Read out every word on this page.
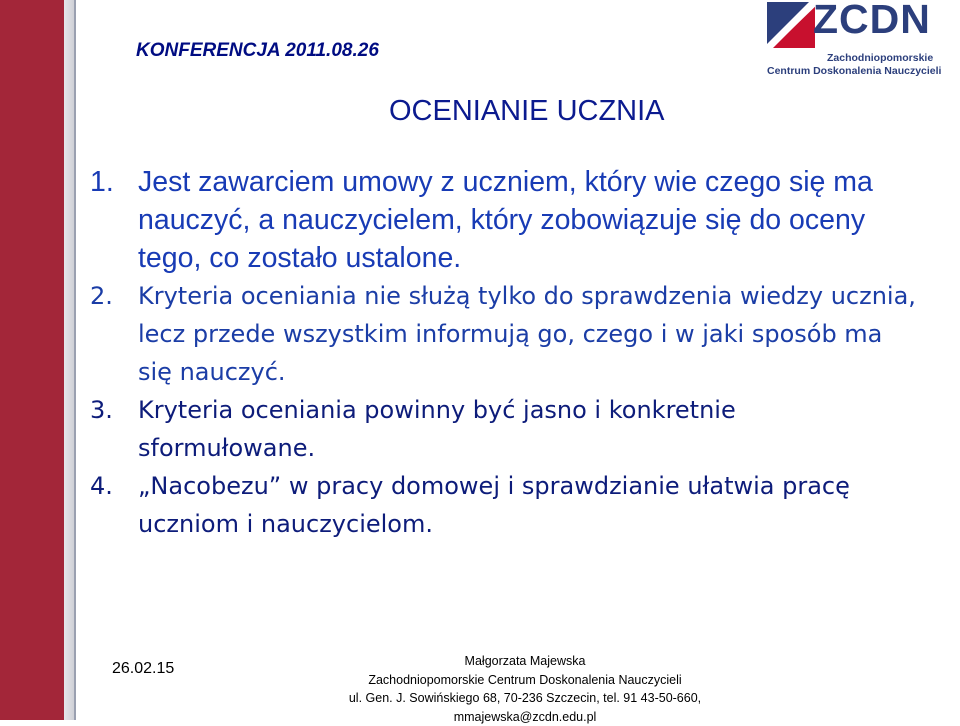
KONFERENCJA 2011.08.26
ZCDN
Zachodniopomorskie
Centrum Doskonalenia Nauczycieli
OCENIANIE UCZNIA
1. Jest zawarciem umowy z uczniem, który wie czego się ma nauczyć, a nauczycielem, który zobowiązuje się do oceny tego, co zostało ustalone.
2. Kryteria oceniania nie służą tylko do sprawdzenia wiedzy ucznia, lecz przede wszystkim informują go, czego i w jaki sposób ma się nauczyć.
3. Kryteria oceniania powinny być jasno i konkretnie sformułowane.
4. „Nacobezu” w pracy domowej i sprawdzianie ułatwia pracę uczniom i nauczycielom.
26.02.15	Małgorzata Majewska
Zachodniopomorskie Centrum Doskonalenia Nauczycieli
ul. Gen. J. Sowińskiego 68, 70-236 Szczecin, tel. 91 43-50-660,
mmajewska@zcdn.edu.pl
